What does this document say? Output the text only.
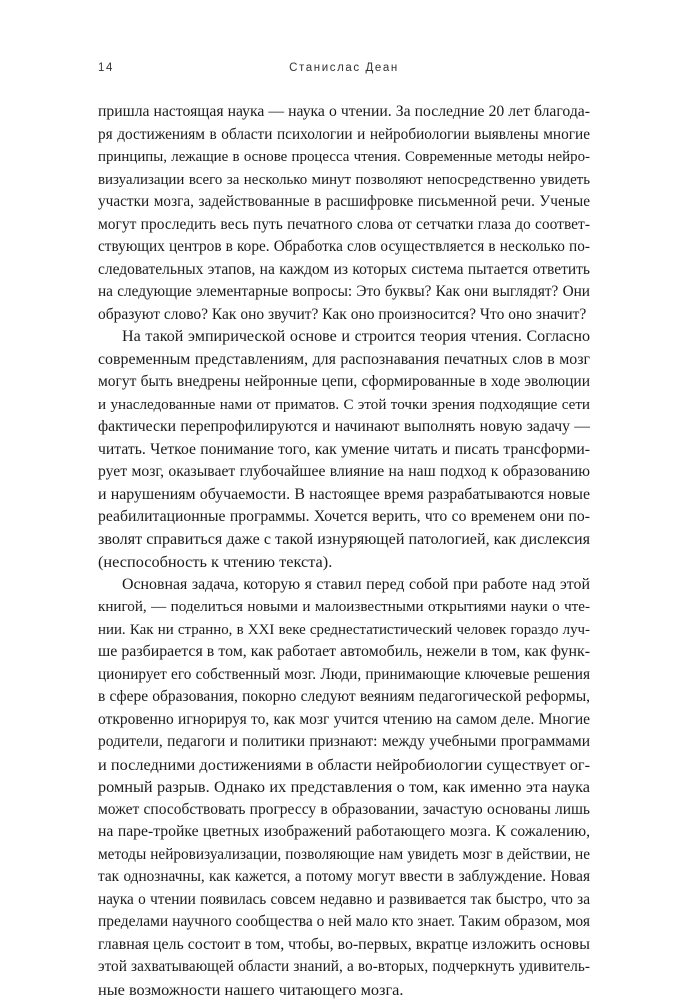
14	Станислас Деан
пришла настоящая наука — наука о чтении. За последние 20 лет благода-
ря достижениям в области психологии и нейробиологии выявлены многие
принципы, лежащие в основе процесса чтения. Современные методы нейро-
визуализации всего за несколько минут позволяют непосредственно увидеть
участки мозга, задействованные в расшифровке письменной речи. Ученые
могут проследить весь путь печатного слова от сетчатки глаза до соответ-
ствующих центров в коре. Обработка слов осуществляется в несколько по-
следовательных этапов, на каждом из которых система пытается ответить
на следующие элементарные вопросы: Это буквы? Как они выглядят? Они
образуют слово? Как оно звучит? Как оно произносится? Что оно значит?
На такой эмпирической основе и строится теория чтения. Согласно
современным представлениям, для распознавания печатных слов в мозг
могут быть внедрены нейронные цепи, сформированные в ходе эволюции
и унаследованные нами от приматов. С этой точки зрения подходящие сети
фактически перепрофилируются и начинают выполнять новую задачу —
читать. Четкое понимание того, как умение читать и писать трансформи-
рует мозг, оказывает глубочайшее влияние на наш подход к образованию
и нарушениям обучаемости. В настоящее время разрабатываются новые
реабилитационные программы. Хочется верить, что со временем они по-
зволят справиться даже с такой изнуряющей патологией, как дислексия
(неспособность к чтению текста).
Основная задача, которую я ставил перед собой при работе над этой
книгой, — поделиться новыми и малоизвестными открытиями науки о чте-
нии. Как ни странно, в XXI веке среднестатистический человек гораздо луч-
ше разбирается в том, как работает автомобиль, нежели в том, как функ-
ционирует его собственный мозг. Люди, принимающие ключевые решения
в сфере образования, покорно следуют веяниям педагогической реформы,
откровенно игнорируя то, как мозг учится чтению на самом деле. Многие
родители, педагоги и политики признают: между учебными программами
и последними достижениями в области нейробиологии существует ог-
ромный разрыв. Однако их представления о том, как именно эта наука
может способствовать прогрессу в образовании, зачастую основаны лишь
на паре-тройке цветных изображений работающего мозга. К сожалению,
методы нейровизуализации, позволяющие нам увидеть мозг в действии, не
так однозначны, как кажется, а потому могут ввести в заблуждение. Новая
наука о чтении появилась совсем недавно и развивается так быстро, что за
пределами научного сообщества о ней мало кто знает. Таким образом, моя
главная цель состоит в том, чтобы, во-первых, вкратце изложить основы
этой захватывающей области знаний, а во-вторых, подчеркнуть удивитель-
ные возможности нашего читающего мозга.
